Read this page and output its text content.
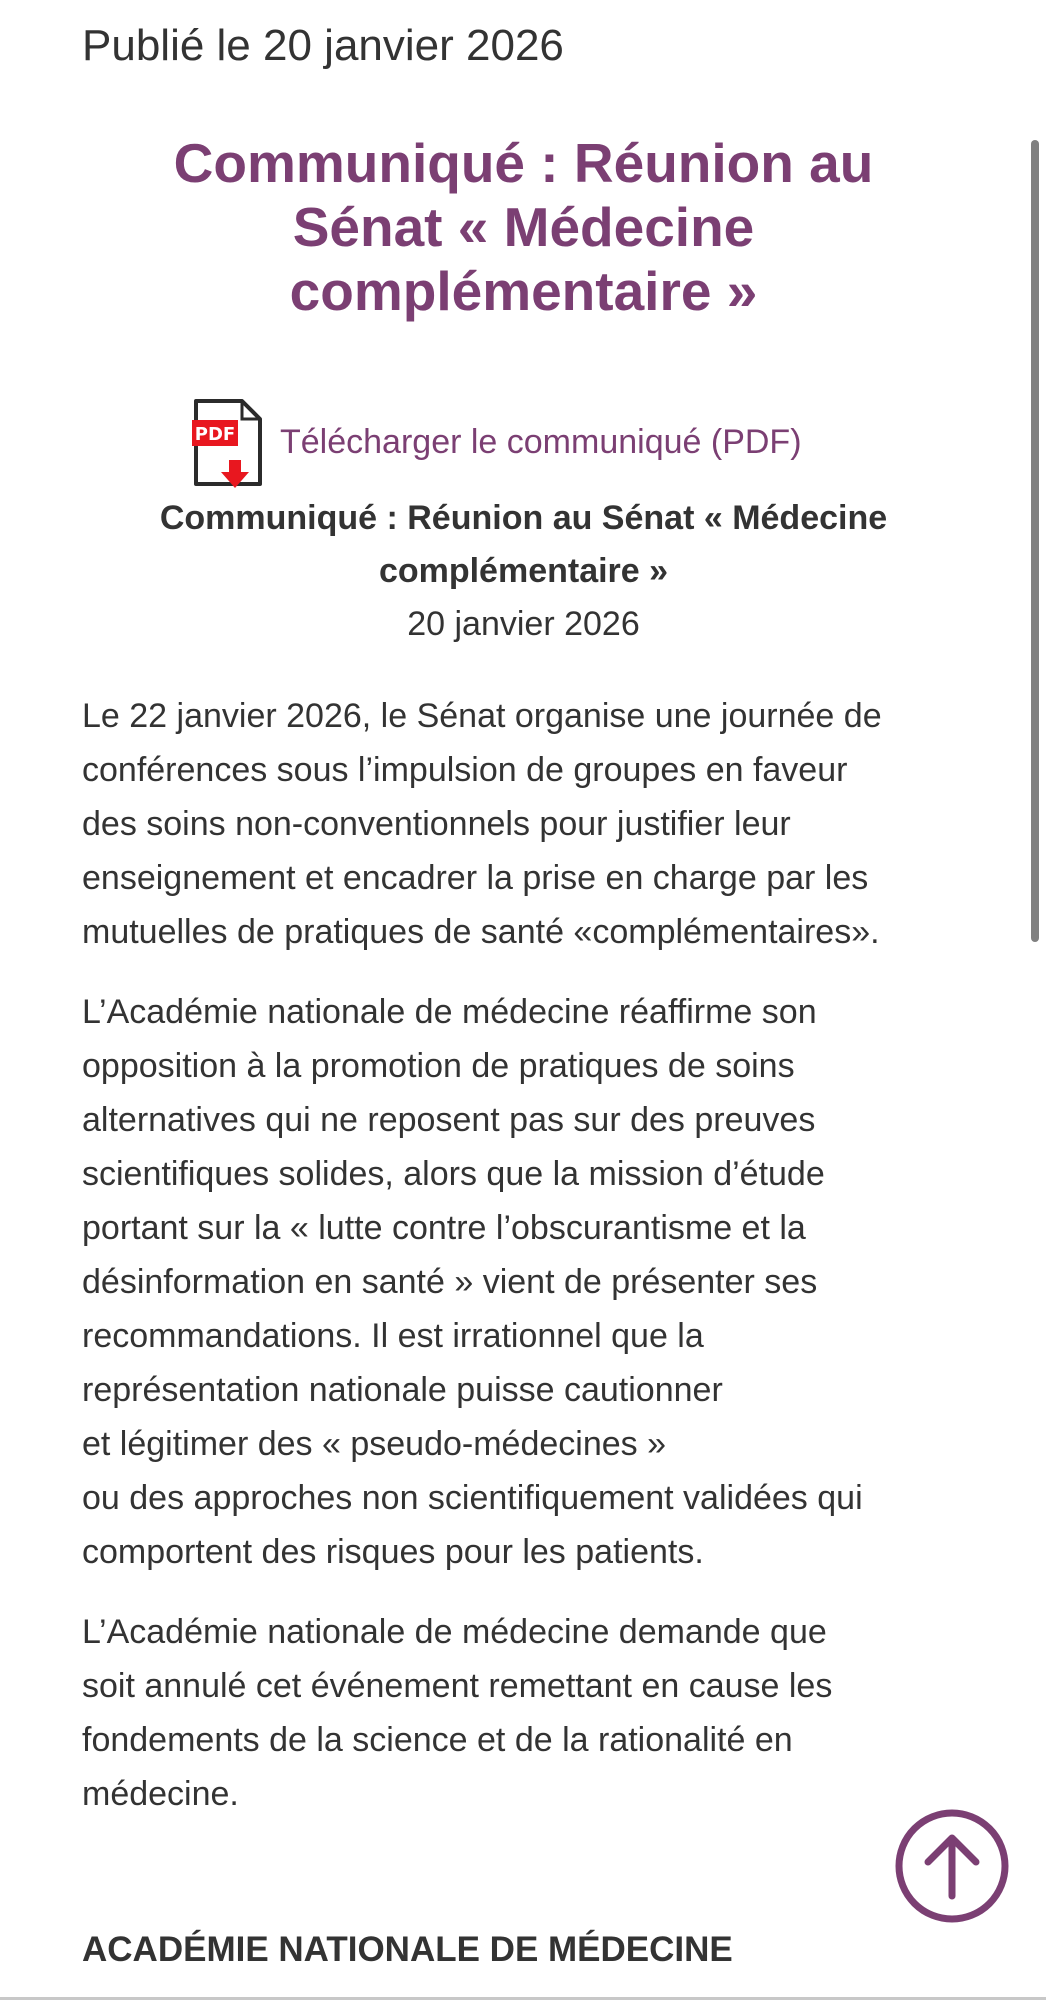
Publié le 20 janvier 2026
Communiqué : Réunion au
Sénat « Médecine
complémentaire »
PDF Télécharger le communiqué (PDF)
Communiqué : Réunion au Sénat « Médecine
complémentaire »
20 janvier 2026
Le 22 janvier 2026, le Sénat organise une journée de
conférences sous l’impulsion de groupes en faveur
des soins non-conventionnels pour justifier leur
enseignement et encadrer la prise en charge par les
mutuelles de pratiques de santé «complémentaires».
L’Académie nationale de médecine réaffirme son
opposition à la promotion de pratiques de soins
alternatives qui ne reposent pas sur des preuves
scientifiques solides, alors que la mission d’étude
portant sur la « lutte contre l’obscurantisme et la
désinformation en santé » vient de présenter ses
recommandations. Il est irrationnel que la
représentation nationale puisse cautionner
et légitimer des « pseudo-médecines »
ou des approches non scientifiquement validées qui
comportent des risques pour les patients.
L’Académie nationale de médecine demande que
soit annulé cet événement remettant en cause les
fondements de la science et de la rationalité en
médecine.
ACADÉMIE NATIONALE DE MÉDECINE
